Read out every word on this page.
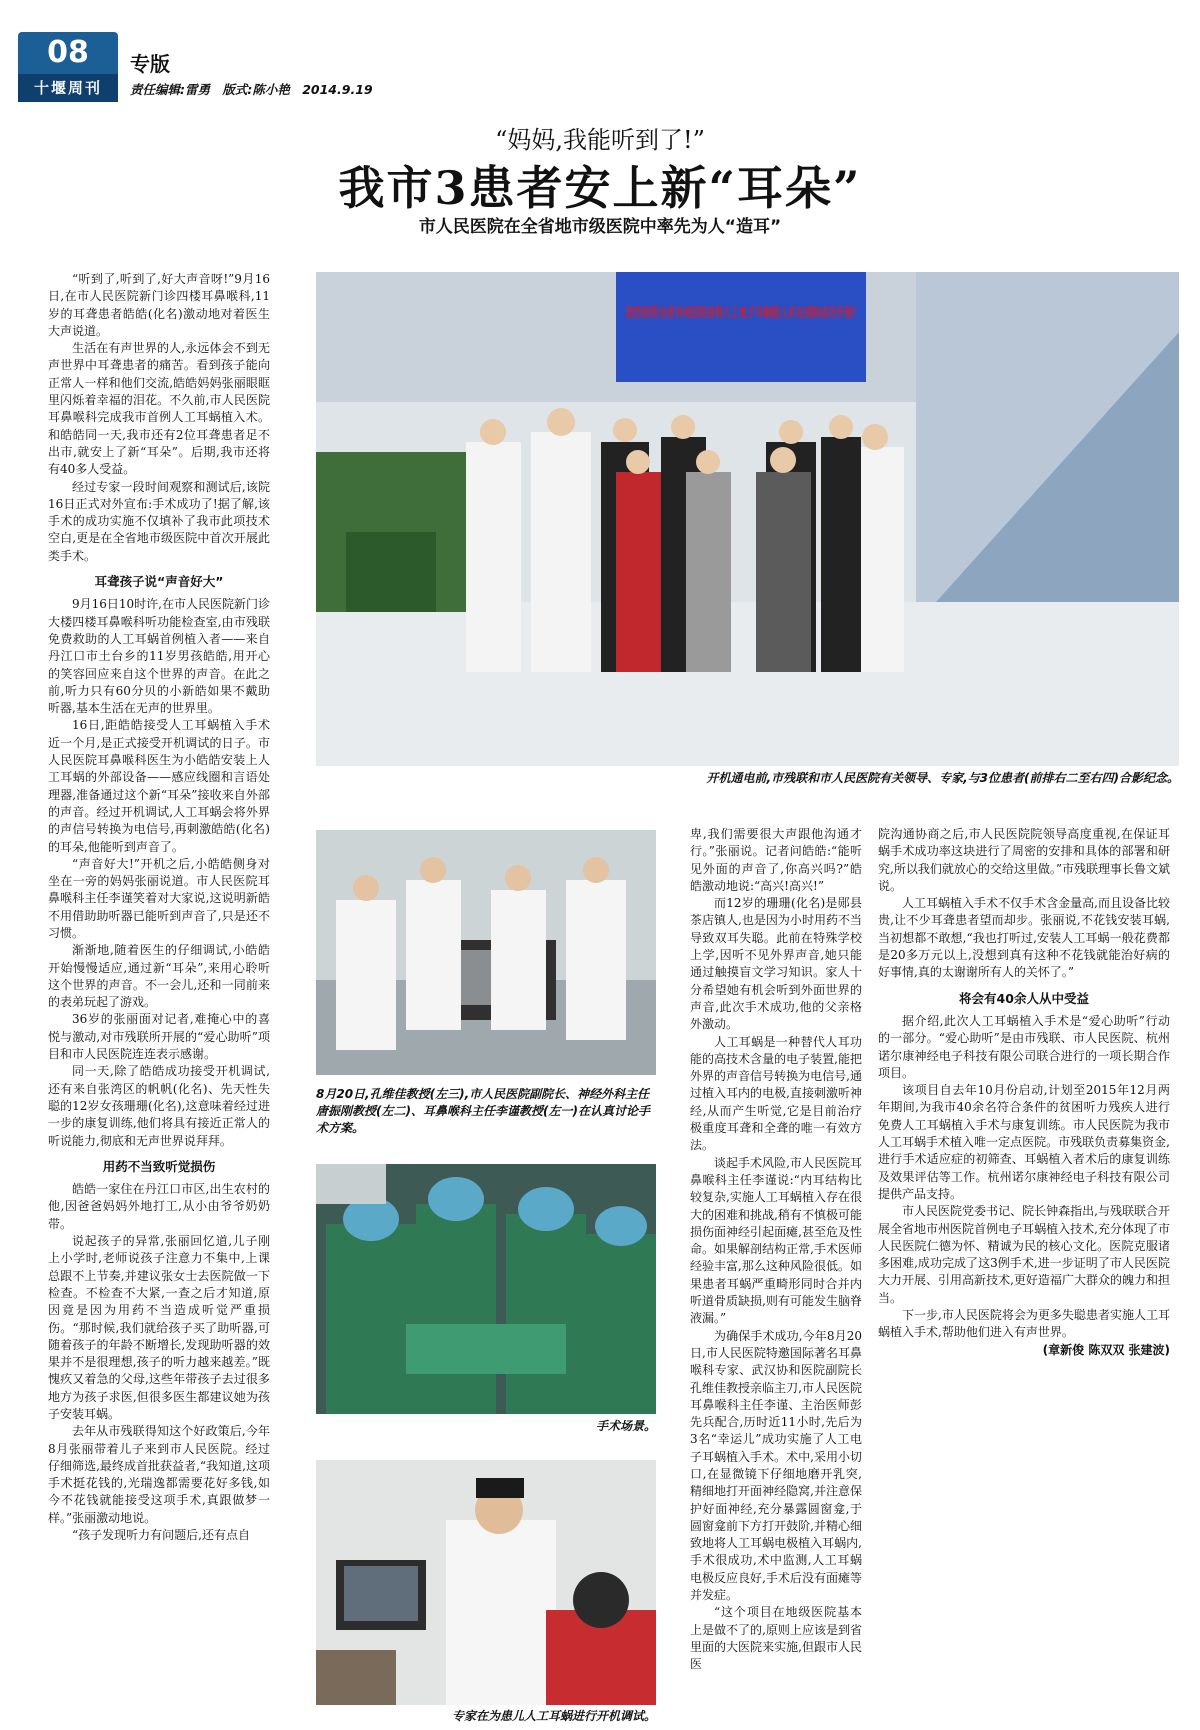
08
十堰周刊
专版
责任编辑:雷勇 版式:陈小艳 2014.9.19
“妈妈,我能听到了!”
我市3患者安上新“耳朵”
市人民医院在全省地市级医院中率先为人“造耳”

“听到了,听到了,好大声音呀!”9月16日,在市人民医院新门诊四楼耳鼻喉科,11岁的耳聋患者皓皓(化名)激动地对着医生大声说道。

生活在有声世界的人,永远体会不到无声世界中耳聋患者的痛苦。看到孩子能向正常人一样和他们交流,皓皓妈妈张丽眼眶里闪烁着幸福的泪花。不久前,市人民医院耳鼻喉科完成我市首例人工耳蜗植入术。和皓皓同一天,我市还有2位耳聋患者足不出市,就安上了新“耳朵”。后期,我市还将有40多人受益。

经过专家一段时间观察和测试后,该院16日正式对外宣布:手术成功了!据了解,该手术的成功实施不仅填补了我市此项技术空白,更是在全省地市级医院中首次开展此类手术。

耳聋孩子说“声音好大”

9月16日10时许,在市人民医院新门诊大楼四楼耳鼻喉科听功能检查室,由市残联免费救助的人工耳蜗首例植入者——来自丹江口市土台乡的11岁男孩皓皓,用开心的笑容回应来自这个世界的声音。在此之前,听力只有60分贝的小新皓如果不戴助听器,基本生活在无声的世界里。

16日,距皓皓接受人工耳蜗植入手术近一个月,是正式接受开机调试的日子。市人民医院耳鼻喉科医生为小皓皓安装上人工耳蜗的外部设备——感应线圈和言语处理器,准备通过这个新“耳朵”接收来自外部的声音。经过开机调试,人工耳蜗会将外界的声信号转换为电信号,再刺激皓皓(化名)的耳朵,他能听到声音了。

“声音好大!”开机之后,小皓皓侧身对坐在一旁的妈妈张丽说道。市人民医院耳鼻喉科主任李谨笑着对大家说,这说明新皓不用借助助听器已能听到声音了,只是还不习惯。

渐渐地,随着医生的仔细调试,小皓皓开始慢慢适应,通过新“耳朵”,来用心聆听这个世界的声音。不一会儿,还和一同前来的表弟玩起了游戏。

36岁的张丽面对记者,难掩心中的喜悦与激动,对市残联所开展的“爱心助听”项目和市人民医院连连表示感谢。

同一天,除了皓皓成功接受开机调试,还有来自张湾区的帆帆(化名)、先天性失聪的12岁女孩珊珊(化名),这意味着经过进一步的康复训练,他们将具有接近正常人的听说能力,彻底和无声世界说拜拜。

用药不当致听觉损伤

皓皓一家住在丹江口市区,出生农村的他,因爸爸妈妈外地打工,从小由爷爷奶奶带。

说起孩子的异常,张丽回忆道,儿子刚上小学时,老师说孩子注意力不集中,上课总跟不上节奏,并建议张女士去医院做一下检查。不检查不大紧,一查之后才知道,原因竟是因为用药不当造成听觉严重损伤。“那时候,我们就给孩子买了助听器,可随着孩子的年龄不断增长,发现助听器的效果并不是很理想,孩子的听力越来越差。”既愧疚又着急的父母,这些年带孩子去过很多地方为孩子求医,但很多医生都建议她为孩子安装耳蜗。

去年从市残联得知这个好政策后,今年8月张丽带着儿子来到市人民医院。经过仔细筛选,最终成首批获益者,“我知道,这项手术挺花钱的,光瑞逸都需要花好多钱,如今不花钱就能接受这项手术,真跟做梦一样。”张丽激动地说。

“孩子发现听力有问题后,还有点自

热烈祝贺全省市州医院首例人工电子耳蜗植入术在我院成功开展!
开机通电前,市残联和市人民医院有关领导、专家,与3位患者(前排右二至右四)合影纪念。
8月20日,孔维佳教授(左三),市人民医院副院长、神经外科主任唐振刚教授(左二)、耳鼻喉科主任李谨教授(左一)在认真讨论手术方案。
手术场景。
专家在为患儿人工耳蜗进行开机调试。

卑,我们需要很大声跟他沟通才行。”张丽说。记者问皓皓:“能听见外面的声音了,你高兴吗?”皓皓激动地说:“高兴!高兴!”

而12岁的珊珊(化名)是郧县茶店镇人,也是因为小时用药不当导致双耳失聪。此前在特殊学校上学,因听不见外界声音,她只能通过触摸盲文学习知识。家人十分希望她有机会听到外面世界的声音,此次手术成功,他的父亲格外激动。

人工耳蜗是一种替代人耳功能的高技术含量的电子装置,能把外界的声音信号转换为电信号,通过植入耳内的电极,直接刺激听神经,从而产生听觉,它是目前治疗极重度耳聋和全聋的唯一有效方法。

谈起手术风险,市人民医院耳鼻喉科主任李谨说:“内耳结构比较复杂,实施人工耳蜗植入存在很大的困难和挑战,稍有不慎极可能损伤面神经引起面瘫,甚至危及性命。如果解剖结构正常,手术医师经验丰富,那么这种风险很低。如果患者耳蜗严重畸形同时合并内听道骨质缺损,则有可能发生脑脊液漏。”

为确保手术成功,今年8月20日,市人民医院特邀国际著名耳鼻喉科专家、武汉协和医院副院长孔维佳教授亲临主刀,市人民医院耳鼻喉科主任李谨、主治医师彭先兵配合,历时近11小时,先后为3名“幸运儿”成功实施了人工电子耳蜗植入手术。术中,采用小切口,在显微镜下仔细地磨开乳突,精细地打开面神经隐窝,并注意保护好面神经,充分暴露圆窗龛,于圆窗龛前下方打开鼓阶,并精心细致地将人工耳蜗电极植入耳蜗内,手术很成功,术中监测,人工耳蜗电极反应良好,手术后没有面瘫等并发症。

“这个项目在地级医院基本上是做不了的,原则上应该是到省里面的大医院来实施,但跟市人民医

院沟通协商之后,市人民医院院领导高度重视,在保证耳蜗手术成功率这块进行了周密的安排和具体的部署和研究,所以我们就放心的交给这里做。”市残联理事长鲁文斌说。

人工耳蜗植入手术不仅手术含金量高,而且设备比较贵,让不少耳聋患者望而却步。张丽说,不花钱安装耳蜗,当初想都不敢想,“我也打听过,安装人工耳蜗一般花费都是20多万元以上,没想到真有这种不花钱就能治好病的好事情,真的太谢谢所有人的关怀了。”

将会有40余人从中受益

据介绍,此次人工耳蜗植入手术是“爱心助听”行动的一部分。“爱心助听”是由市残联、市人民医院、杭州诺尔康神经电子科技有限公司联合进行的一项长期合作项目。

该项目自去年10月份启动,计划至2015年12月两年期间,为我市40余名符合条件的贫困听力残疾人进行免费人工耳蜗植入手术与康复训练。市人民医院为我市人工耳蜗手术植入唯一定点医院。市残联负责募集资金,进行手术适应症的初筛查、耳蜗植入者术后的康复训练及效果评估等工作。杭州诺尔康神经电子科技有限公司提供产品支持。

市人民医院党委书记、院长钟森指出,与残联联合开展全省地市州医院首例电子耳蜗植入技术,充分体现了市人民医院仁德为怀、精诚为民的核心文化。医院克服诸多困难,成功完成了这3例手术,进一步证明了市人民医院大力开展、引用高新技术,更好造福广大群众的魄力和担当。

下一步,市人民医院将会为更多失聪患者实施人工耳蜗植入手术,帮助他们进入有声世界。

(章新俊 陈双双 张建波)
